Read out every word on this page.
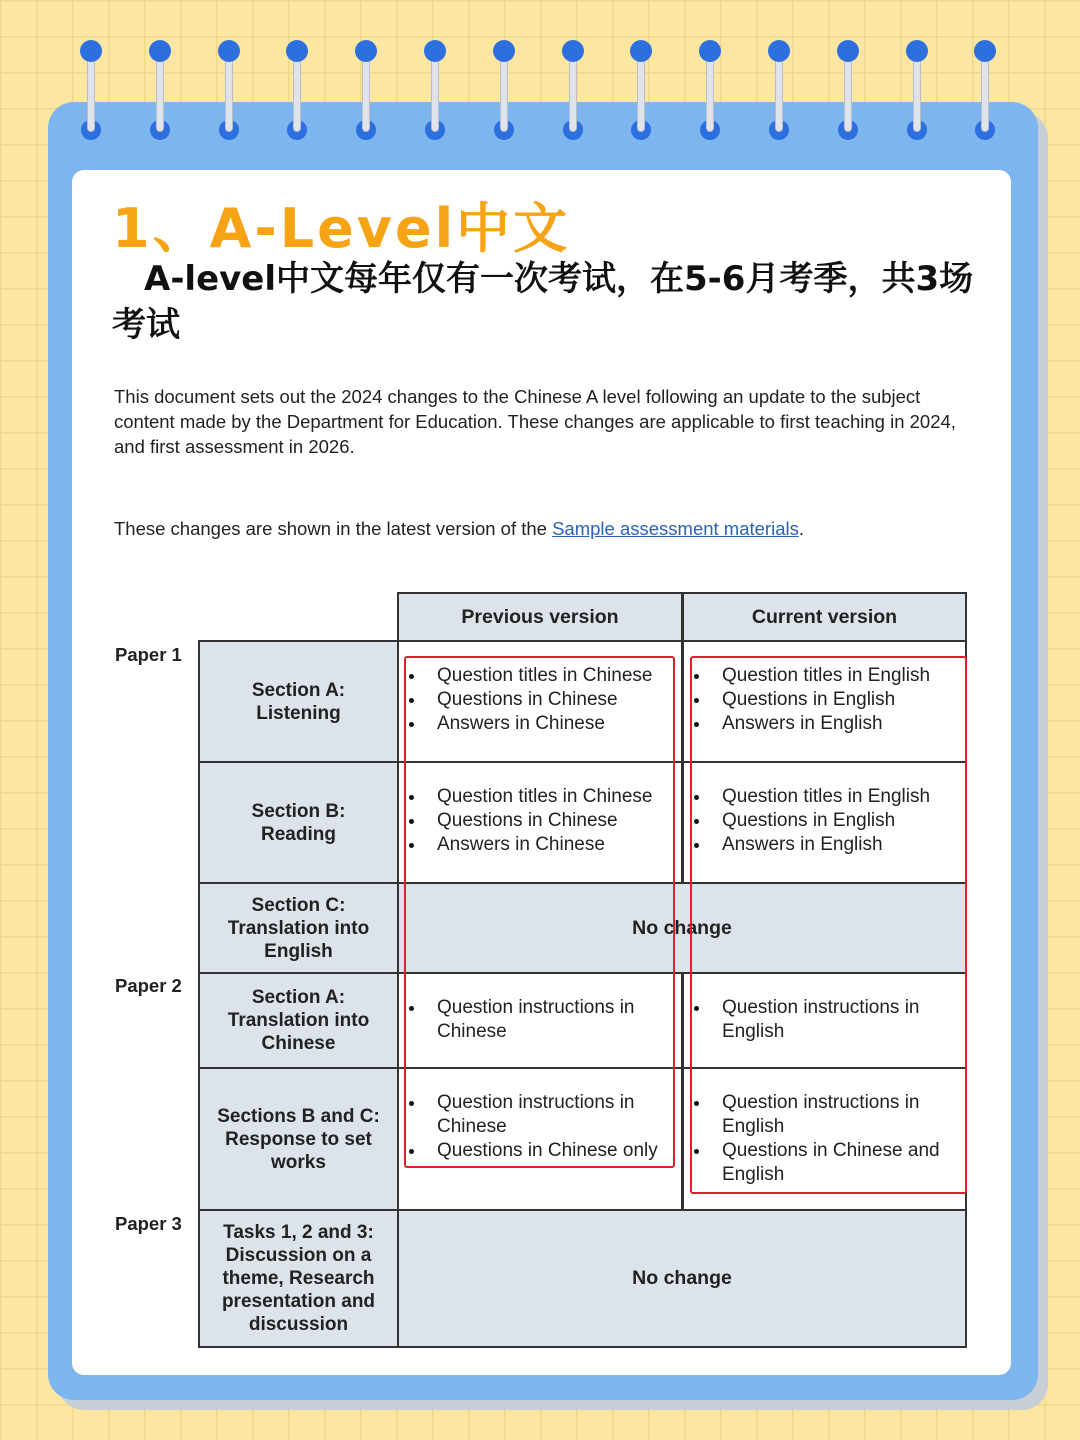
1、A-Level中文
A-level中文每年仅有一次考试，在5-6月考季，共3场考试

This document sets out the 2024 changes to the Chinese A level following an update to the subject content made by the Department for Education. These changes are applicable to first teaching in 2024, and first assessment in 2026.

These changes are shown in the latest version of the Sample assessment materials.

Previous version	Current version
Paper 1
Paper 2
Paper 3
Section A:
Listening
Question titles in Chinese
Questions in Chinese
Answers in Chinese
Question titles in English
Questions in English
Answers in English
Section B:
Reading
Question titles in Chinese
Questions in Chinese
Answers in Chinese
Question titles in English
Questions in English
Answers in English
Section C:
Translation into
English
No change
Section A:
Translation into
Chinese
Question instructions in Chinese
Question instructions in English
Sections B and C:
Response to set
works
Question instructions in Chinese
Questions in Chinese only
Question instructions in English
Questions in Chinese and English
Tasks 1, 2 and 3:
Discussion on a
theme, Research
presentation and
discussion
No change
